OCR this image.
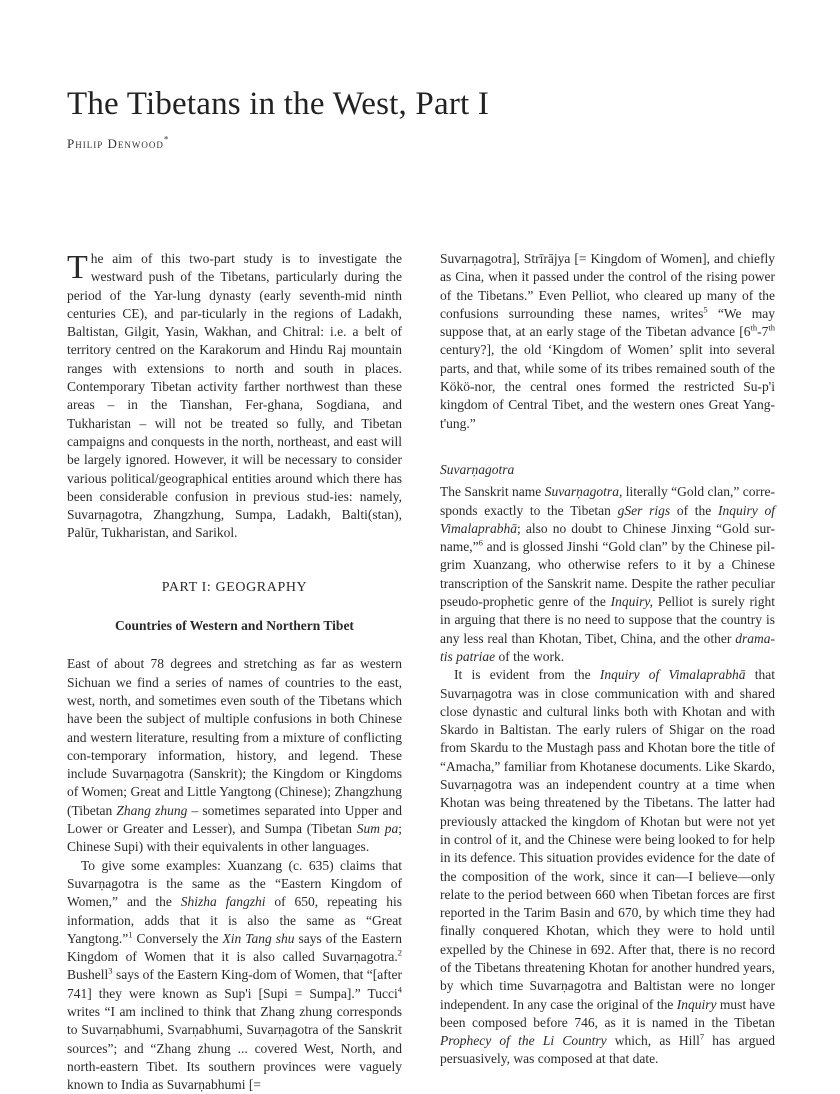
The Tibetans in the West, Part I
Philip Denwood*

The aim of this two-part study is to investigate the westward push of the Tibetans, particularly during the period of the Yar-lung dynasty (early seventh-mid ninth centuries CE), and par-ticularly in the regions of Ladakh, Baltistan, Gilgit, Yasin, Wakhan, and Chitral: i.e. a belt of territory centred on the Karakorum and Hindu Raj mountain ranges with extensions to north and south in places. Contemporary Tibetan activity farther northwest than these areas – in the Tianshan, Fer-ghana, Sogdiana, and Tukharistan – will not be treated so fully, and Tibetan campaigns and conquests in the north, northeast, and east will be largely ignored. However, it will be necessary to consider various political/geographical entities around which there has been considerable confusion in previous stud-ies: namely, Suvarṇagotra, Zhangzhung, Sumpa, Ladakh, Balti(stan), Palūr, Tukharistan, and Sarikol.

PART I: GEOGRAPHY

Countries of Western and Northern Tibet

East of about 78 degrees and stretching as far as western Sichuan we find a series of names of countries to the east, west, north, and sometimes even south of the Tibetans which have been the subject of multiple confusions in both Chinese and western literature, resulting from a mixture of conflicting con-temporary information, history, and legend. These include Suvarṇagotra (Sanskrit); the Kingdom or Kingdoms of Women; Great and Little Yangtong (Chinese); Zhangzhung (Tibetan Zhang zhung – sometimes separated into Upper and Lower or Greater and Lesser), and Sumpa (Tibetan Sum pa; Chinese Supi) with their equivalents in other languages.

To give some examples: Xuanzang (c. 635) claims that Suvarṇagotra is the same as the “Eastern Kingdom of Women,” and the Shizha fangzhi of 650, repeating his information, adds that it is also the same as “Great Yangtong.”$^1$ Conversely the Xin Tang shu says of the Eastern Kingdom of Women that it is also called Suvarṇagotra.$^2$ Bushell$^3$ says of the Eastern King-dom of Women, that “[after 741] they were known as Sup'i [Supi = Sumpa].” Tucci$^4$ writes “I am inclined to think that Zhang zhung corresponds to Suvarṇabhumi, Svarṇabhumi, Suvarṇagotra of the Sanskrit sources”; and “Zhang zhung ... covered West, North, and north-eastern Tibet. Its southern provinces were vaguely known to India as Suvarṇabhumi [=

Suvarṇagotra], Strīrājya [= Kingdom of Women], and chiefly as Cina, when it passed under the control of the rising power of the Tibetans.” Even Pelliot, who cleared up many of the confusions surrounding these names, writes$^5$ “We may suppose that, at an early stage of the Tibetan advance [6th-7th century?], the old ‘Kingdom of Women’ split into several parts, and that, while some of its tribes remained south of the Kökö-nor, the central ones formed the restricted Su-p'i kingdom of Central Tibet, and the western ones Great Yang-t'ung.”

Suvarṇagotra

The Sanskrit name Suvarṇagotra, literally “Gold clan,” corre-sponds exactly to the Tibetan gSer rigs of the Inquiry of Vimalaprabhā; also no doubt to Chinese Jinxing “Gold sur-name,”$^6$ and is glossed Jinshi “Gold clan” by the Chinese pil-grim Xuanzang, who otherwise refers to it by a Chinese transcription of the Sanskrit name. Despite the rather peculiar pseudo-prophetic genre of the Inquiry, Pelliot is surely right in arguing that there is no need to suppose that the country is any less real than Khotan, Tibet, China, and the other drama-tis patriae of the work.

It is evident from the Inquiry of Vimalaprabhā that Suvarṇagotra was in close communication with and shared close dynastic and cultural links both with Khotan and with Skardo in Baltistan. The early rulers of Shigar on the road from Skardu to the Mustagh pass and Khotan bore the title of “Amacha,” familiar from Khotanese documents. Like Skardo, Suvarṇagotra was an independent country at a time when Khotan was being threatened by the Tibetans. The latter had previously attacked the kingdom of Khotan but were not yet in control of it, and the Chinese were being looked to for help in its defence. This situation provides evidence for the date of the composition of the work, since it can—I believe—only relate to the period between 660 when Tibetan forces are first reported in the Tarim Basin and 670, by which time they had finally conquered Khotan, which they were to hold until expelled by the Chinese in 692. After that, there is no record of the Tibetans threatening Khotan for another hundred years, by which time Suvarṇagotra and Baltistan were no longer independent. In any case the original of the Inquiry must have been composed before 746, as it is named in the Tibetan Prophecy of the Li Country which, as Hill$^7$ has argued persuasively, was composed at that date.
